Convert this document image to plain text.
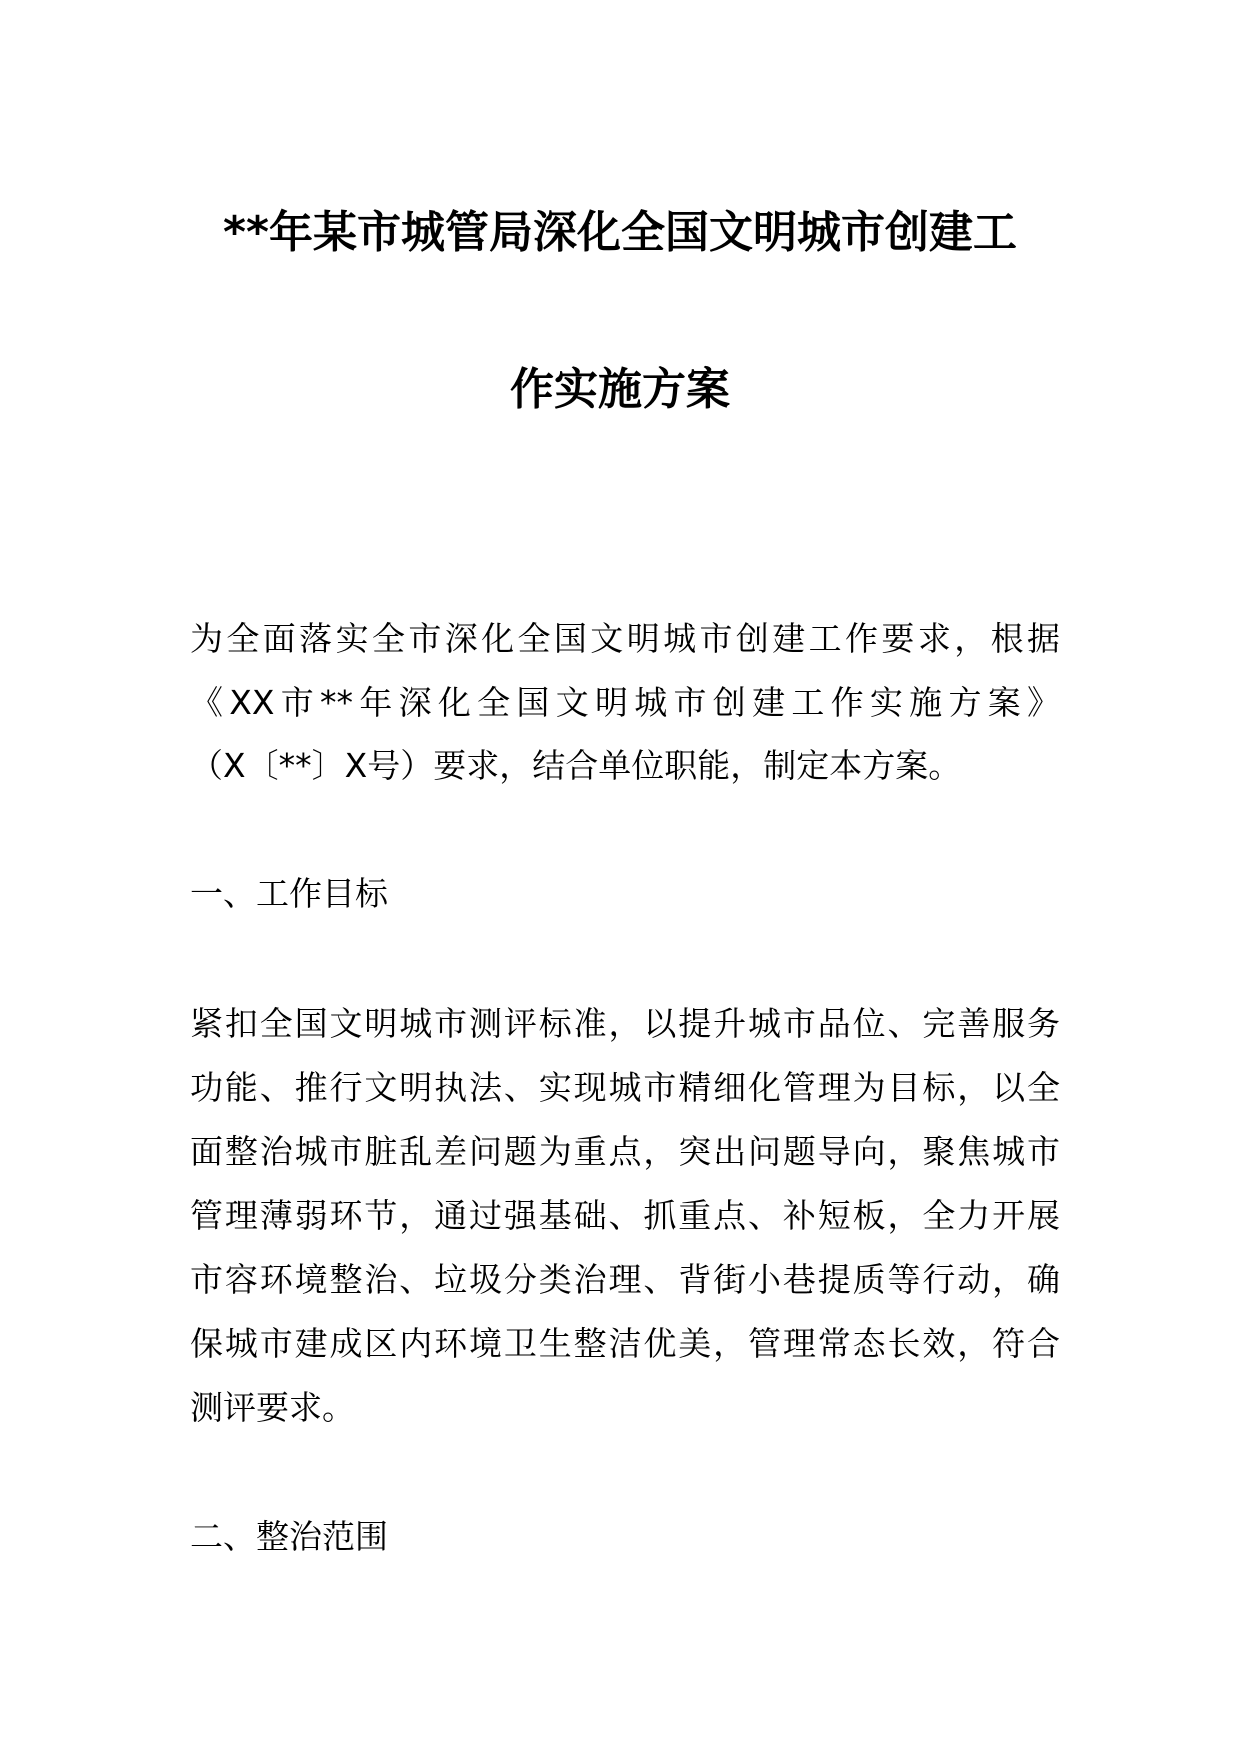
**年某市城管局深化全国文明城市创建工
作实施方案
为全面落实全市深化全国文明城市创建工作要求，根据
《XX市**年深化全国文明城市创建工作实施方案》
（X〔**〕X号）要求，结合单位职能，制定本方案。
一、工作目标
紧扣全国文明城市测评标准，以提升城市品位、完善服务
功能、推行文明执法、实现城市精细化管理为目标，以全
面整治城市脏乱差问题为重点，突出问题导向，聚焦城市
管理薄弱环节，通过强基础、抓重点、补短板，全力开展
市容环境整治、垃圾分类治理、背街小巷提质等行动，确
保城市建成区内环境卫生整洁优美，管理常态长效，符合
测评要求。
二、整治范围
